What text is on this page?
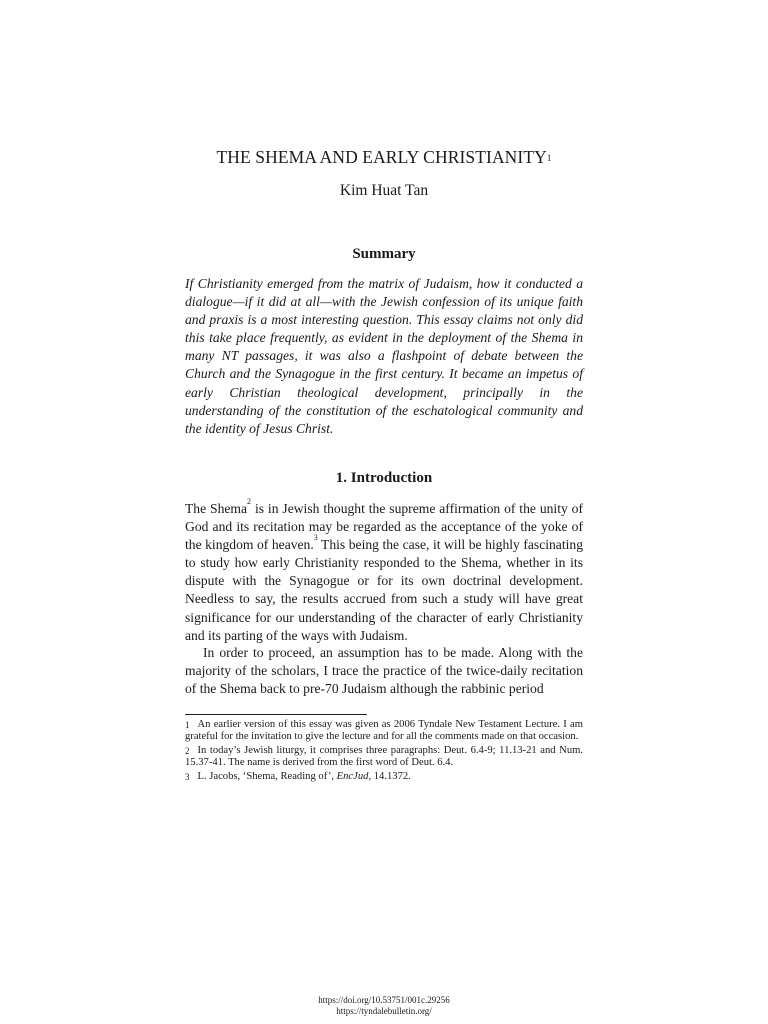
THE SHEMA AND EARLY CHRISTIANITY$^1$
Kim Huat Tan
Summary
If Christianity emerged from the matrix of Judaism, how it conducted a dialogue—if it did at all—with the Jewish confession of its unique faith and praxis is a most interesting question. This essay claims not only did this take place frequently, as evident in the deployment of the Shema in many NT passages, it was also a flashpoint of debate between the Church and the Synagogue in the first century. It became an impetus of early Christian theological development, principally in the understanding of the constitution of the eschatological community and the identity of Jesus Christ.
1. Introduction
The Shema$^2$ is in Jewish thought the supreme affirmation of the unity of God and its recitation may be regarded as the acceptance of the yoke of the kingdom of heaven.$^3$ This being the case, it will be highly fascinating to study how early Christianity responded to the Shema, whether in its dispute with the Synagogue or for its own doctrinal development. Needless to say, the results accrued from such a study will have great significance for our understanding of the character of early Christianity and its parting of the ways with Judaism.
In order to proceed, an assumption has to be made. Along with the majority of the scholars, I trace the practice of the twice-daily recitation of the Shema back to pre-70 Judaism although the rabbinic period
$^1$ An earlier version of this essay was given as 2006 Tyndale New Testament Lecture. I am grateful for the invitation to give the lecture and for all the comments made on that occasion.
$^2$ In today’s Jewish liturgy, it comprises three paragraphs: Deut. 6.4-9; 11.13-21 and Num. 15.37-41. The name is derived from the first word of Deut. 6.4.
$^3$ L. Jacobs, ‘Shema, Reading of’, EncJud, 14.1372.
https://doi.org/10.53751/001c.29256
https://tyndalebulletin.org/
